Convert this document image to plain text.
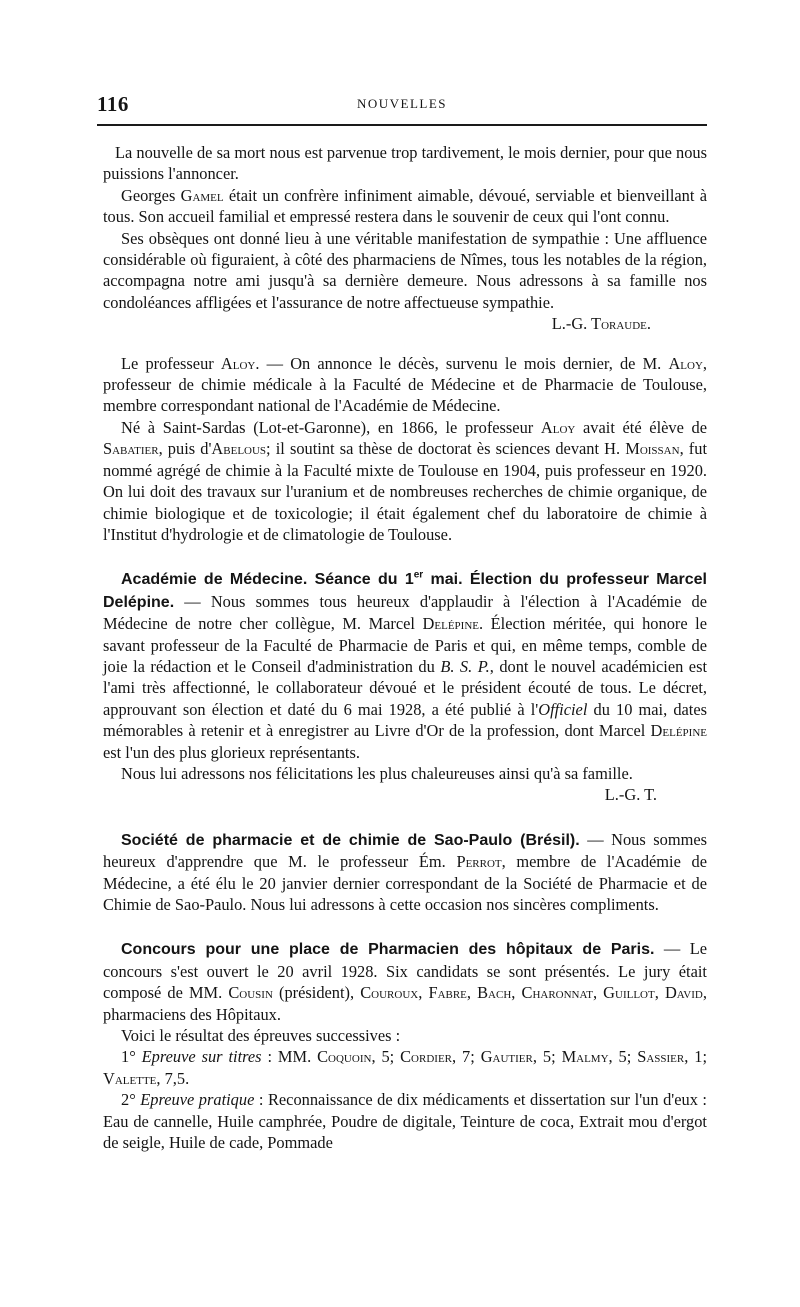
116	NOUVELLES

La nouvelle de sa mort nous est parvenue trop tardivement, le mois dernier, pour que nous puissions l'annoncer.

Georges Gamel était un confrère infiniment aimable, dévoué, serviable et bienveillant à tous. Son accueil familial et empressé restera dans le souvenir de ceux qui l'ont connu.

Ses obsèques ont donné lieu à une véritable manifestation de sympathie : Une affluence considérable où figuraient, à côté des pharmaciens de Nîmes, tous les notables de la région, accompagna notre ami jusqu'à sa dernière demeure. Nous adressons à sa famille nos condoléances affligées et l'assurance de notre affectueuse sympathie.
L.-G. Toraude.

Le professeur Aloy. — On annonce le décès, survenu le mois dernier, de M. Aloy, professeur de chimie médicale à la Faculté de Médecine et de Pharmacie de Toulouse, membre correspondant national de l'Académie de Médecine.

Né à Saint-Sardas (Lot-et-Garonne), en 1866, le professeur Aloy avait été élève de Sabatier, puis d'Abelous; il soutint sa thèse de doctorat ès sciences devant H. Moissan, fut nommé agrégé de chimie à la Faculté mixte de Toulouse en 1904, puis professeur en 1920. On lui doit des travaux sur l'uranium et de nombreuses recherches de chimie organique, de chimie biologique et de toxicologie; il était également chef du laboratoire de chimie à l'Institut d'hydrologie et de climatologie de Toulouse.

Académie de Médecine. Séance du 1er mai. Élection du professeur Marcel Delépine. — Nous sommes tous heureux d'applaudir à l'élection à l'Académie de Médecine de notre cher collègue, M. Marcel Delépine. Élection méritée, qui honore le savant professeur de la Faculté de Pharmacie de Paris et qui, en même temps, comble de joie la rédaction et le Conseil d'administration du B. S. P., dont le nouvel académicien est l'ami très affectionné, le collaborateur dévoué et le président écouté de tous. Le décret, approuvant son élection et daté du 6 mai 1928, a été publié à l'Officiel du 10 mai, dates mémorables à retenir et à enregistrer au Livre d'Or de la profession, dont Marcel Delépine est l'un des plus glorieux représentants.

Nous lui adressons nos félicitations les plus chaleureuses ainsi qu'à sa famille.
L.-G. T.

Société de pharmacie et de chimie de Sao-Paulo (Brésil). — Nous sommes heureux d'apprendre que M. le professeur Ém. Perrot, membre de l'Académie de Médecine, a été élu le 20 janvier dernier correspondant de la Société de Pharmacie et de Chimie de Sao-Paulo. Nous lui adressons à cette occasion nos sincères compliments.

Concours pour une place de Pharmacien des hôpitaux de Paris. — Le concours s'est ouvert le 20 avril 1928. Six candidats se sont présentés. Le jury était composé de MM. Cousin (président), Couroux, Fabre, Bach, Charonnat, Guillot, David, pharmaciens des Hôpitaux.

Voici le résultat des épreuves successives :

1° Epreuve sur titres : MM. Coquoin, 5; Cordier, 7; Gautier, 5; Malmy, 5; Sassier, 1; Valette, 7,5.

2° Epreuve pratique : Reconnaissance de dix médicaments et dissertation sur l'un d'eux : Eau de cannelle, Huile camphrée, Poudre de digitale, Teinture de coca, Extrait mou d'ergot de seigle, Huile de cade, Pommade
